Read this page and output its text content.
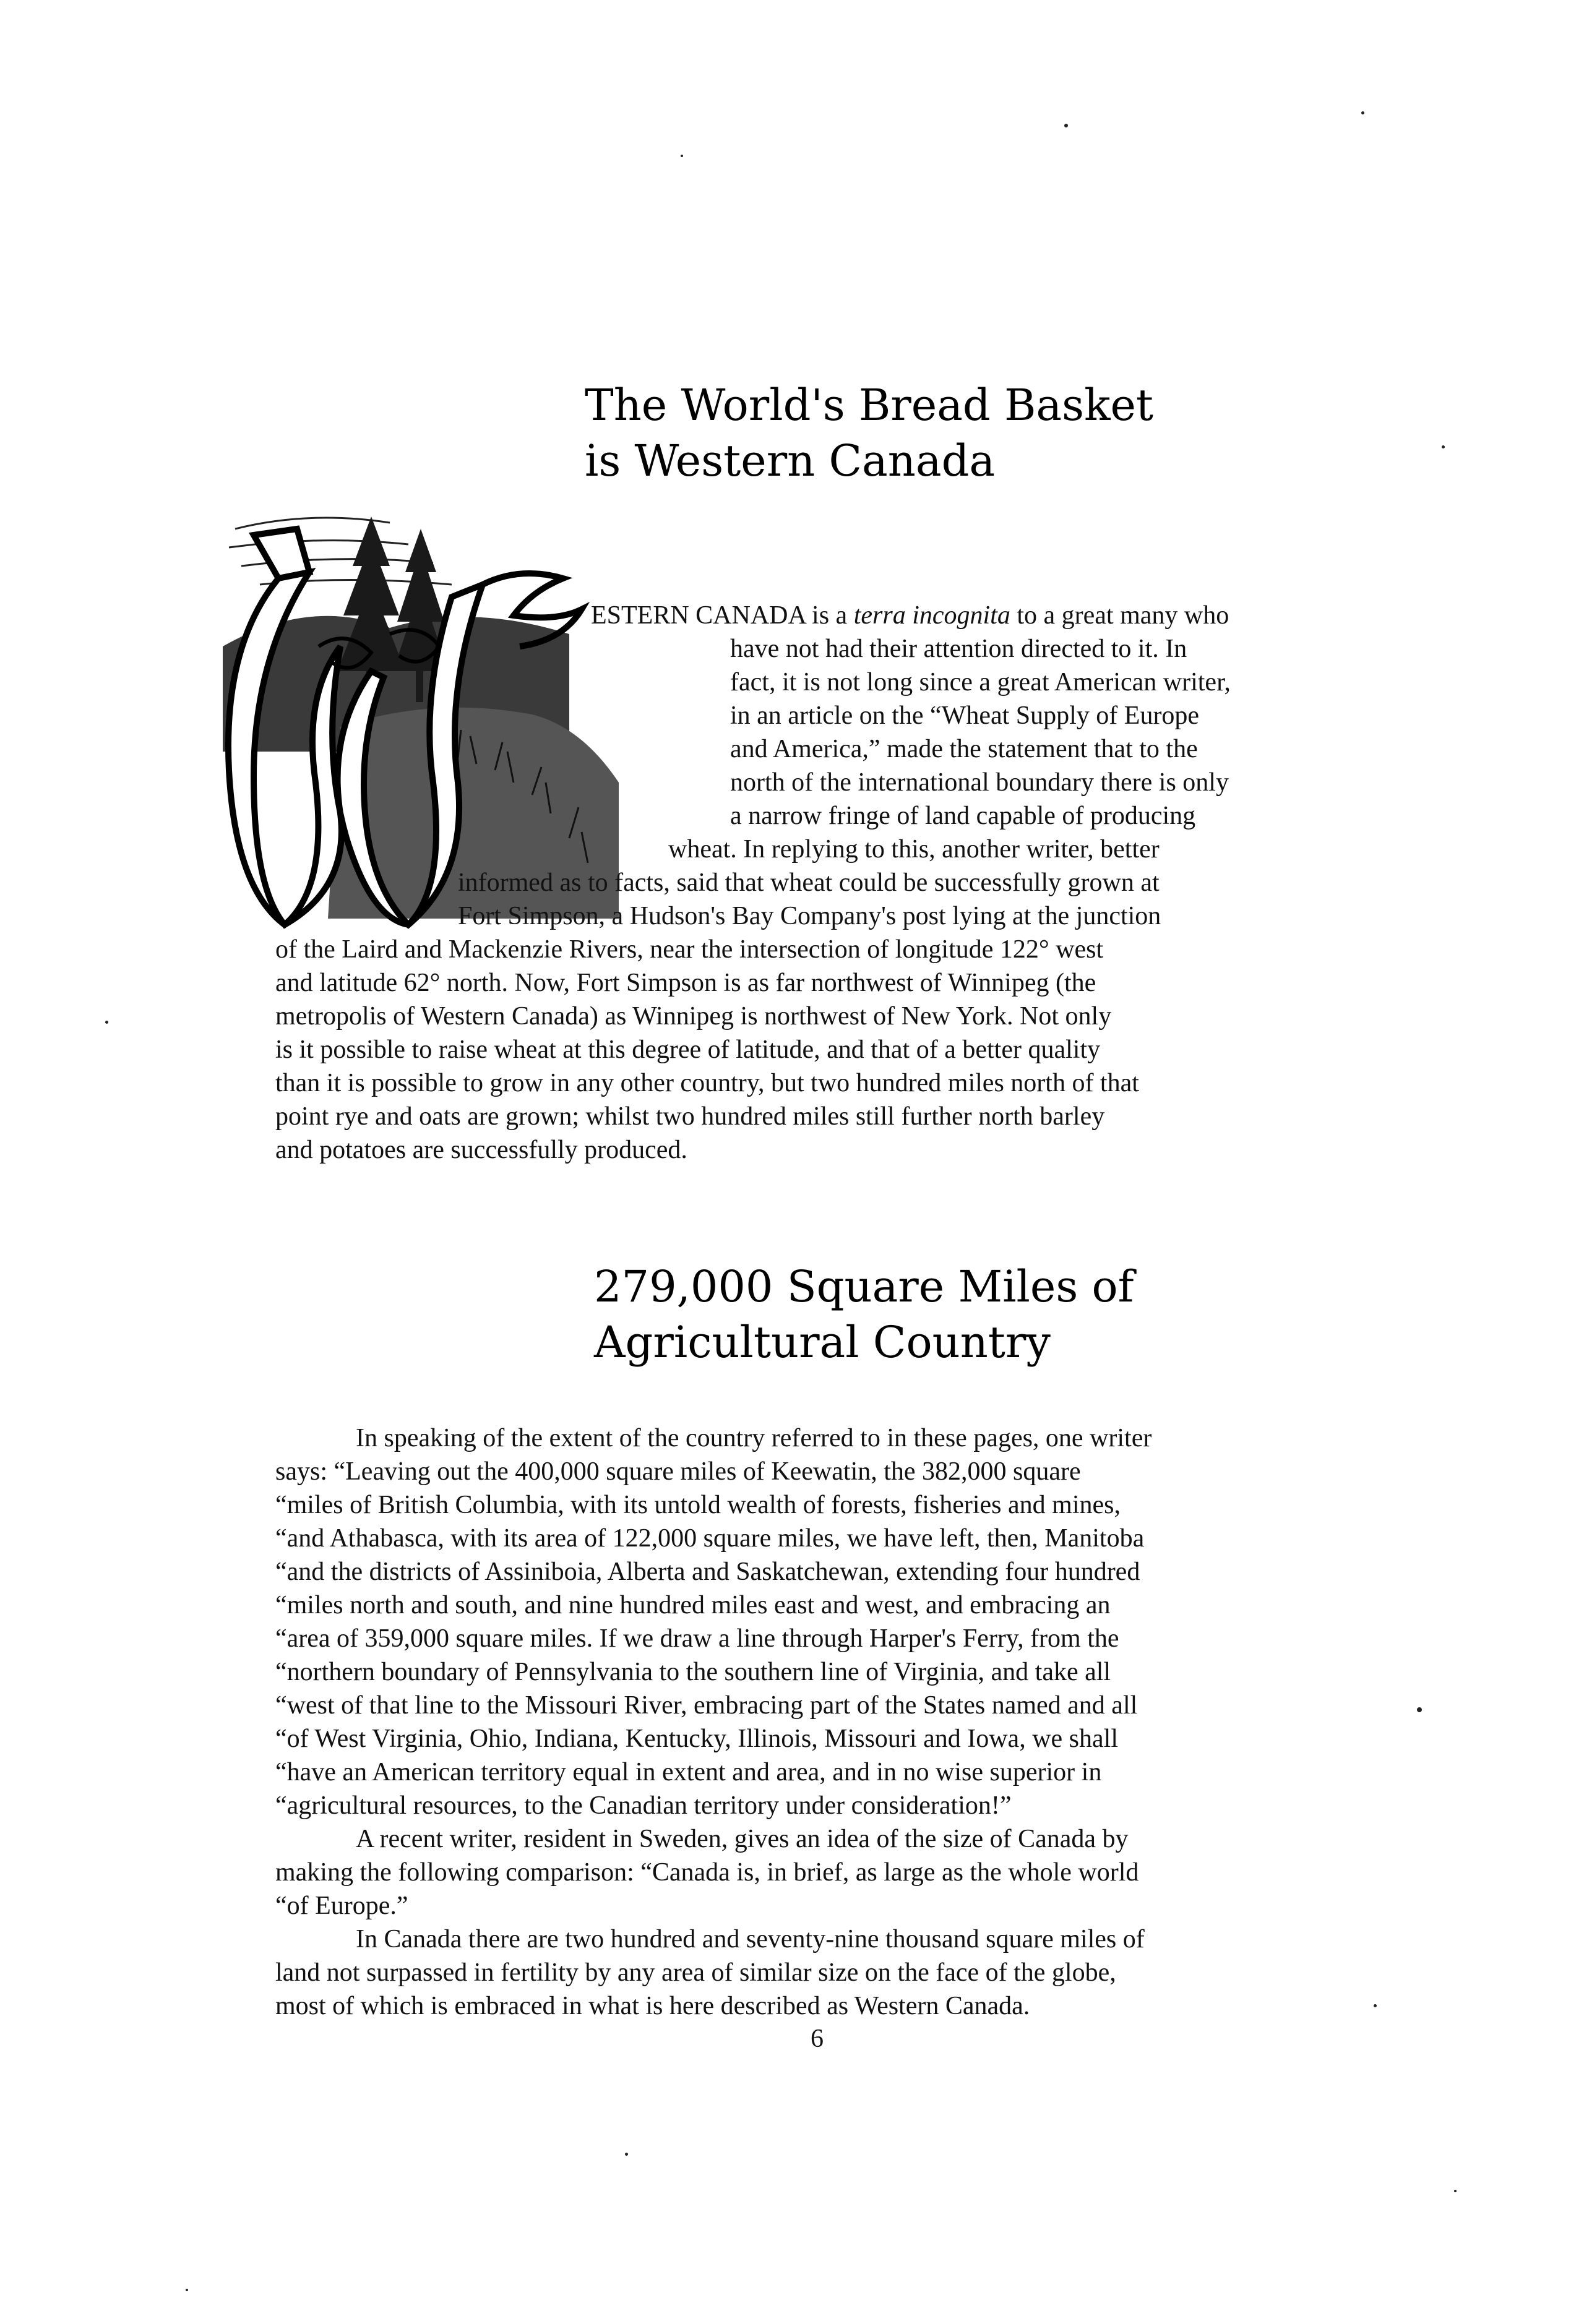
The World's Bread Basket
is Western Canada
ESTERN CANADA is a terra incognita to a great many who
have not had their attention directed to it. In
fact, it is not long since a great American writer,
in an article on the “Wheat Supply of Europe
and America,” made the statement that to the
north of the international boundary there is only
a narrow fringe of land capable of producing
wheat. In replying to this, another writer, better
informed as to facts, said that wheat could be successfully grown at
Fort Simpson, a Hudson's Bay Company's post lying at the junction
of the Laird and Mackenzie Rivers, near the intersection of longitude 122° west
and latitude 62° north. Now, Fort Simpson is as far northwest of Winnipeg (the
metropolis of Western Canada) as Winnipeg is northwest of New York. Not only
is it possible to raise wheat at this degree of latitude, and that of a better quality
than it is possible to grow in any other country, but two hundred miles north of that
point rye and oats are grown; whilst two hundred miles still further north barley
and potatoes are successfully produced.
279,000 Square Miles of
Agricultural Country
In speaking of the extent of the country referred to in these pages, one writer
says: “Leaving out the 400,000 square miles of Keewatin, the 382,000 square
“miles of British Columbia, with its untold wealth of forests, fisheries and mines,
“and Athabasca, with its area of 122,000 square miles, we have left, then, Manitoba
“and the districts of Assiniboia, Alberta and Saskatchewan, extending four hundred
“miles north and south, and nine hundred miles east and west, and embracing an
“area of 359,000 square miles. If we draw a line through Harper's Ferry, from the
“northern boundary of Pennsylvania to the southern line of Virginia, and take all
“west of that line to the Missouri River, embracing part of the States named and all
“of West Virginia, Ohio, Indiana, Kentucky, Illinois, Missouri and Iowa, we shall
“have an American territory equal in extent and area, and in no wise superior in
“agricultural resources, to the Canadian territory under consideration!”
A recent writer, resident in Sweden, gives an idea of the size of Canada by
making the following comparison: “Canada is, in brief, as large as the whole world
“of Europe.”
In Canada there are two hundred and seventy-nine thousand square miles of
land not surpassed in fertility by any area of similar size on the face of the globe,
most of which is embraced in what is here described as Western Canada.
6
